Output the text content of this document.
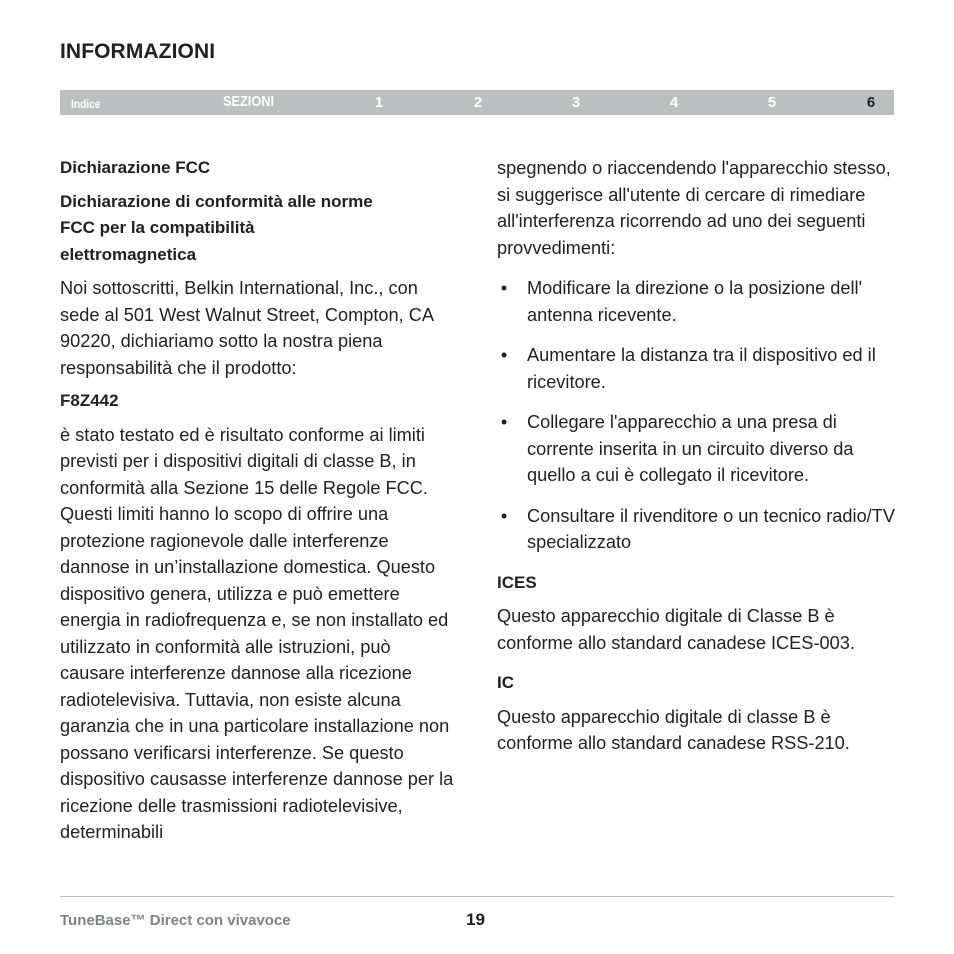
INFORMAZIONI
Indice	SEZIONI	1	2	3	4	5	6

Dichiarazione FCC

Dichiarazione di conformità alle norme FCC per la compatibilità elettromagnetica

Noi sottoscritti, Belkin International, Inc., con sede al 501 West Walnut Street, Compton, CA 90220, dichiariamo sotto la nostra piena responsabilità che il prodotto:

F8Z442

è stato testato ed è risultato conforme ai limiti previsti per i dispositivi digitali di classe B, in conformità alla Sezione 15 delle Regole FCC. Questi limiti hanno lo scopo di offrire una protezione ragionevole dalle interferenze dannose in un’installazione domestica. Questo dispositivo genera, utilizza e può emettere energia in radiofrequenza e, se non installato ed utilizzato in conformità alle istruzioni, può causare interferenze dannose alla ricezione radiotelevisiva. Tuttavia, non esiste alcuna garanzia che in una particolare installazione non possano verificarsi interferenze. Se questo dispositivo causasse interferenze dannose per la ricezione delle trasmissioni radiotelevisive, determinabili

spegnendo o riaccendendo l'apparecchio stesso, si suggerisce all'utente di cercare di rimediare all'interferenza ricorrendo ad uno dei seguenti provvedimenti:

• Modificare la direzione o la posizione dell' antenna ricevente.
• Aumentare la distanza tra il dispositivo ed il ricevitore.
• Collegare l'apparecchio a una presa di corrente inserita in un circuito diverso da quello a cui è collegato il ricevitore.
• Consultare il rivenditore o un tecnico radio/TV specializzato

ICES

Questo apparecchio digitale di Classe B è conforme allo standard canadese ICES-003.

IC

Questo apparecchio digitale di classe B è conforme allo standard canadese RSS-210.

TuneBase™ Direct con vivavoce	19
